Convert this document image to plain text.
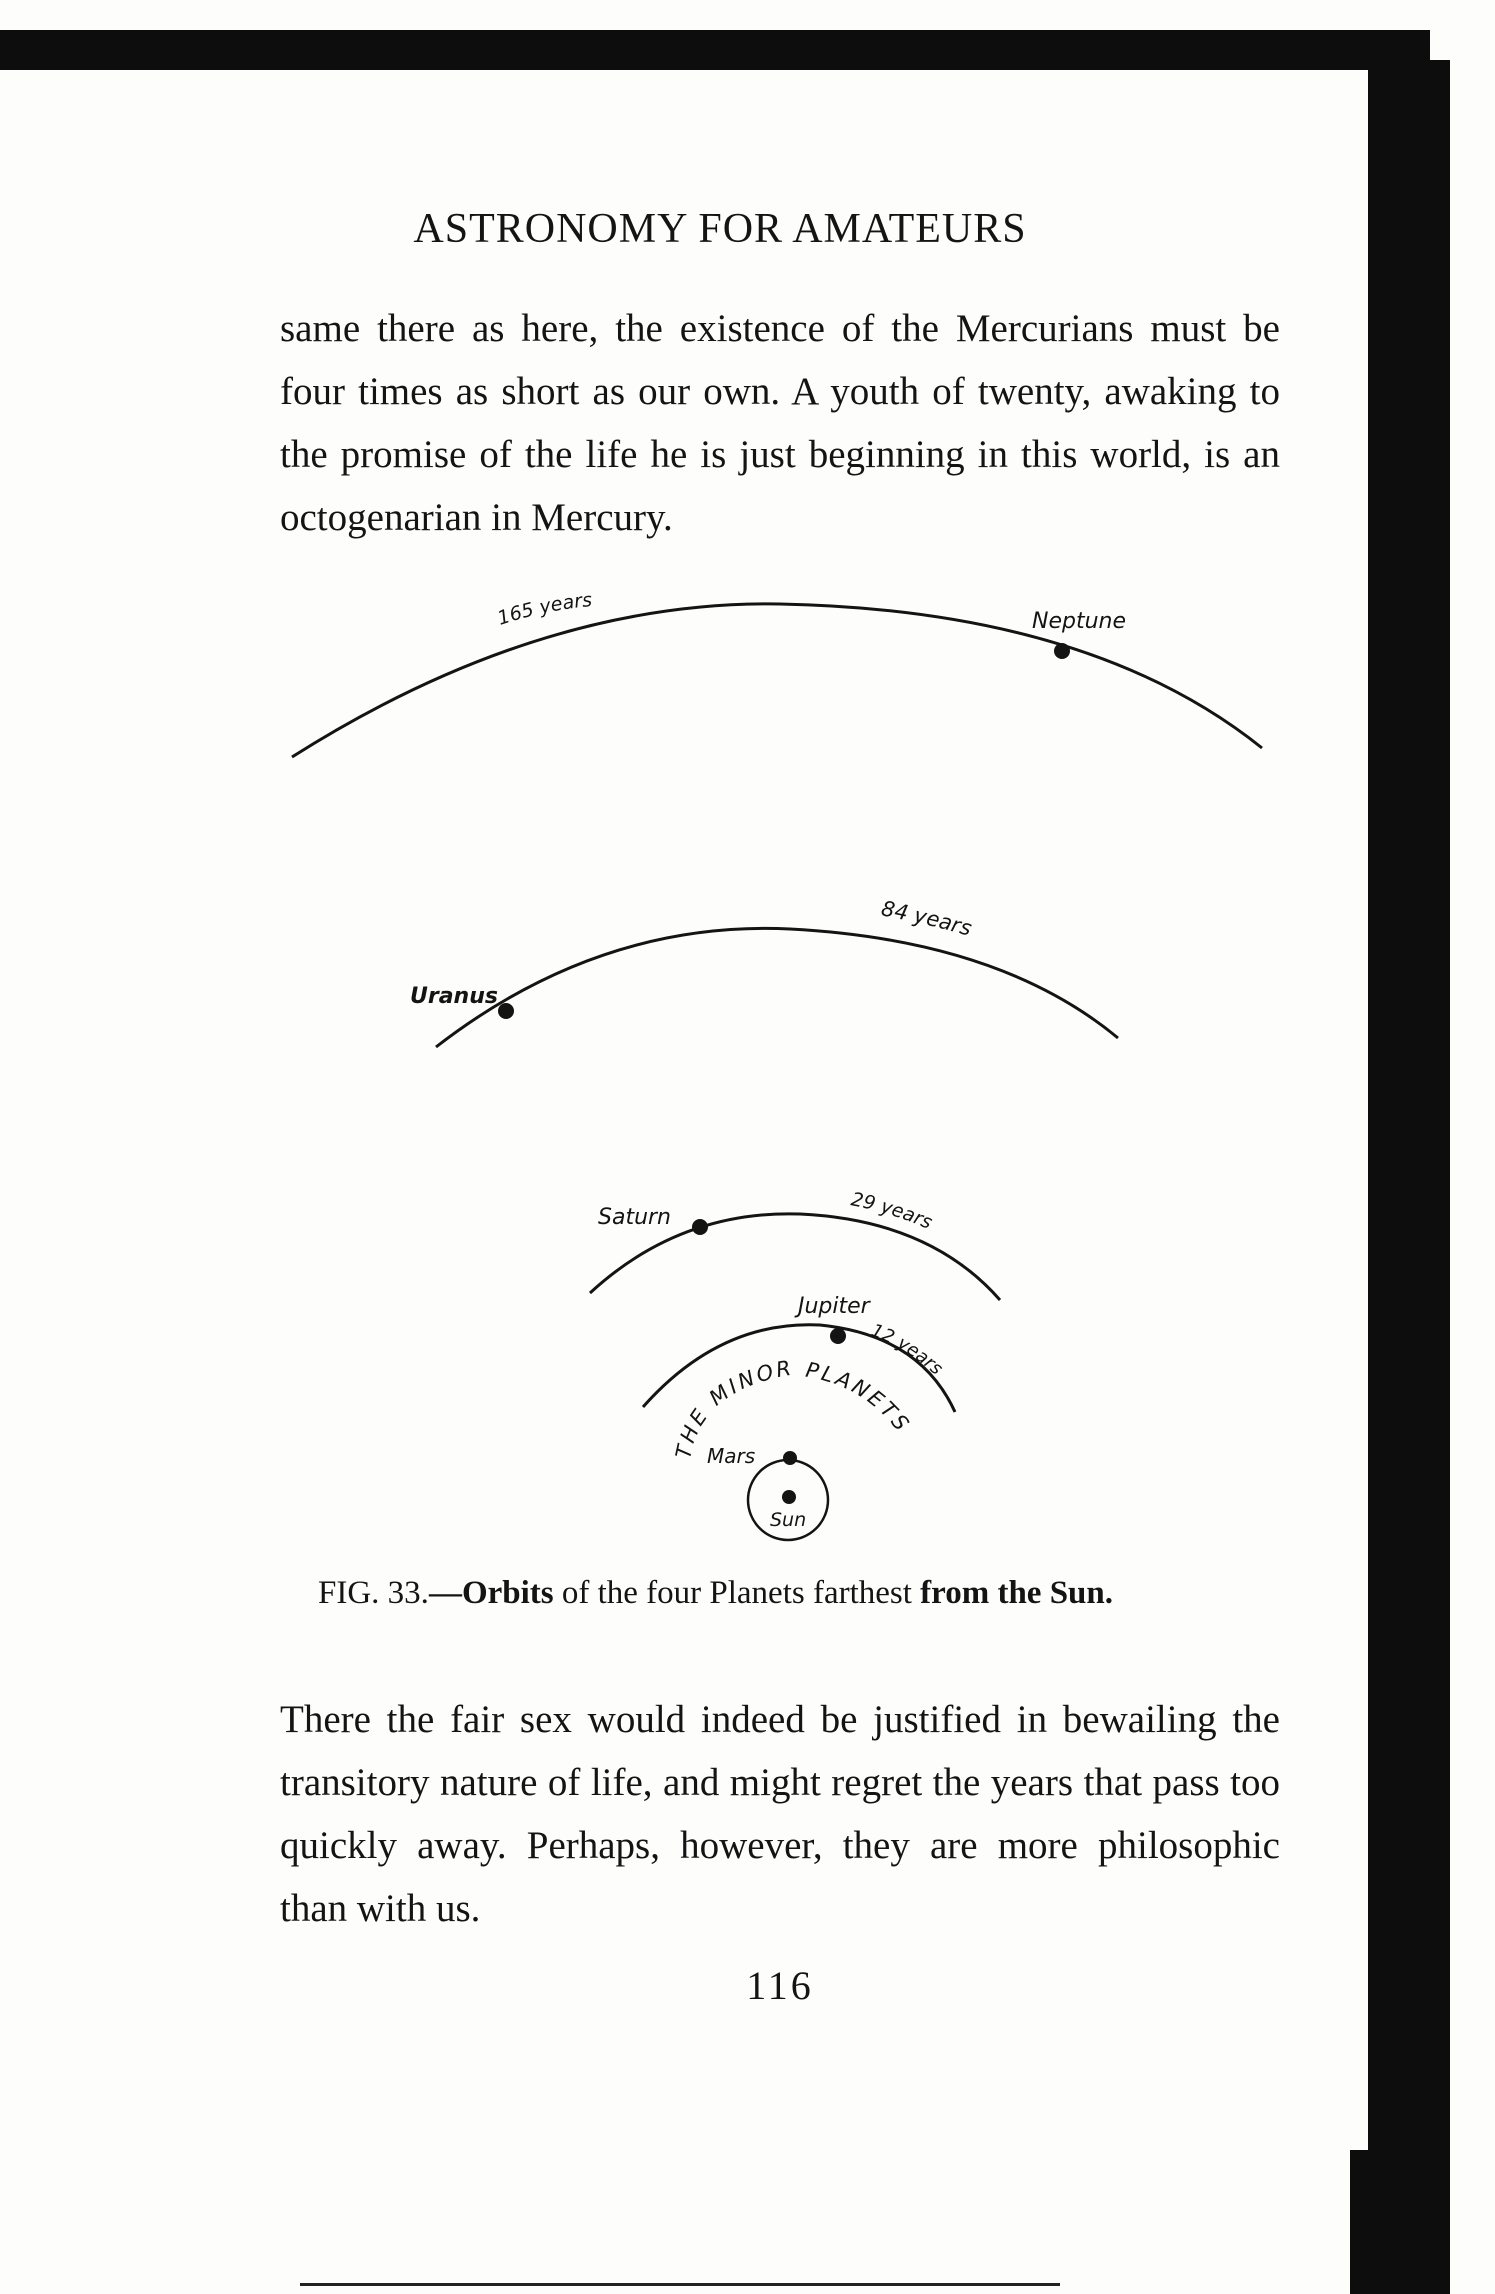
ASTRONOMY FOR AMATEURS

same there as here, the existence of the Mercurians must be four times as short as our own. A youth of twenty, awaking to the promise of the life he is just beginning in this world, is an octogenarian in Mercury.

Neptune
165 years
Uranus
84 years
Saturn
29 years
Jupiter
12 years
THE MINOR PLANETS
Mars
Sun
FIG. 33.—Orbits of the four Planets farthest from the Sun.

There the fair sex would indeed be justified in bewailing the transitory nature of life, and might regret the years that pass too quickly away. Perhaps, however, they are more philosophic than with us.

116
